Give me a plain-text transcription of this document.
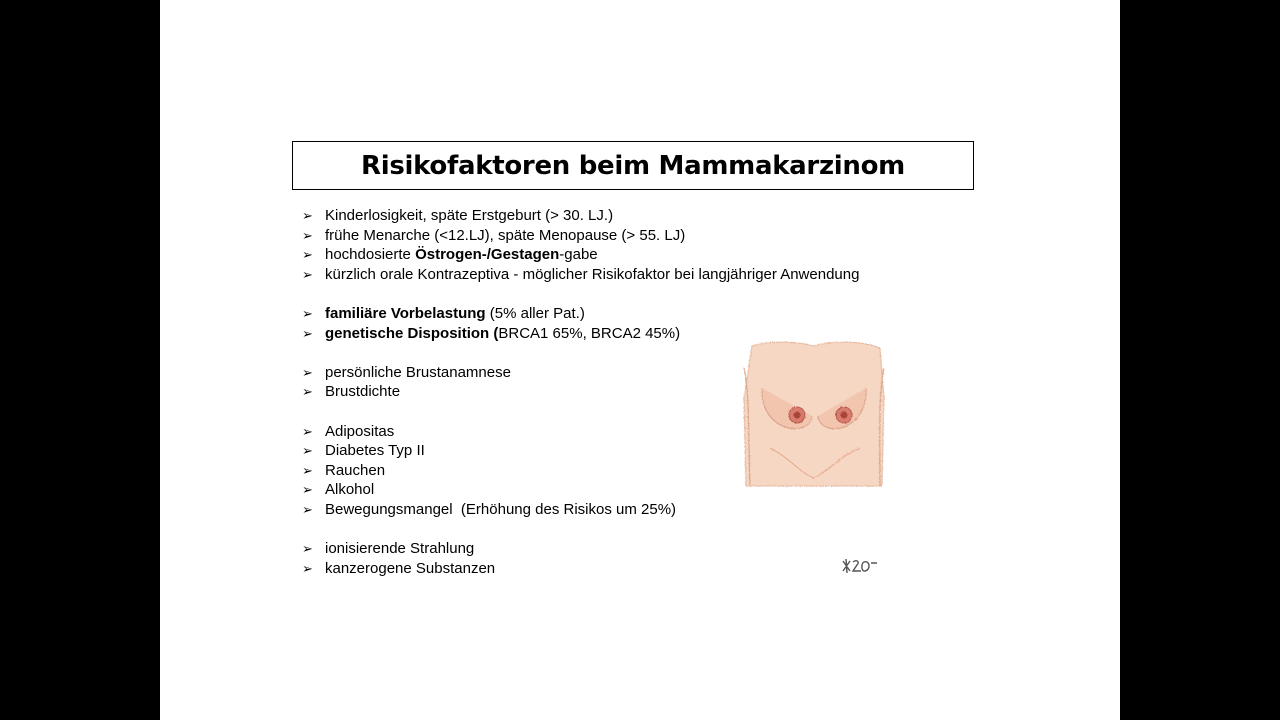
Risikofaktoren beim Mammakarzinom
➢ Kinderlosigkeit, späte Erstgeburt (> 30. LJ.)
➢ frühe Menarche (<12.LJ), späte Menopause (> 55. LJ)
➢ hochdosierte Östrogen-/Gestagen-gabe
➢ kürzlich orale Kontrazeptiva - möglicher Risikofaktor bei langjähriger Anwendung
➢ familiäre Vorbelastung (5% aller Pat.)
➢ genetische Disposition (BRCA1 65%, BRCA2 45%)
➢ persönliche Brustanamnese
➢ Brustdichte
➢ Adipositas
➢ Diabetes Typ II
➢ Rauchen
➢ Alkohol
➢ Bewegungsmangel  (Erhöhung des Risikos um 25%)
➢ ionisierende Strahlung
➢ kanzerogene Substanzen
